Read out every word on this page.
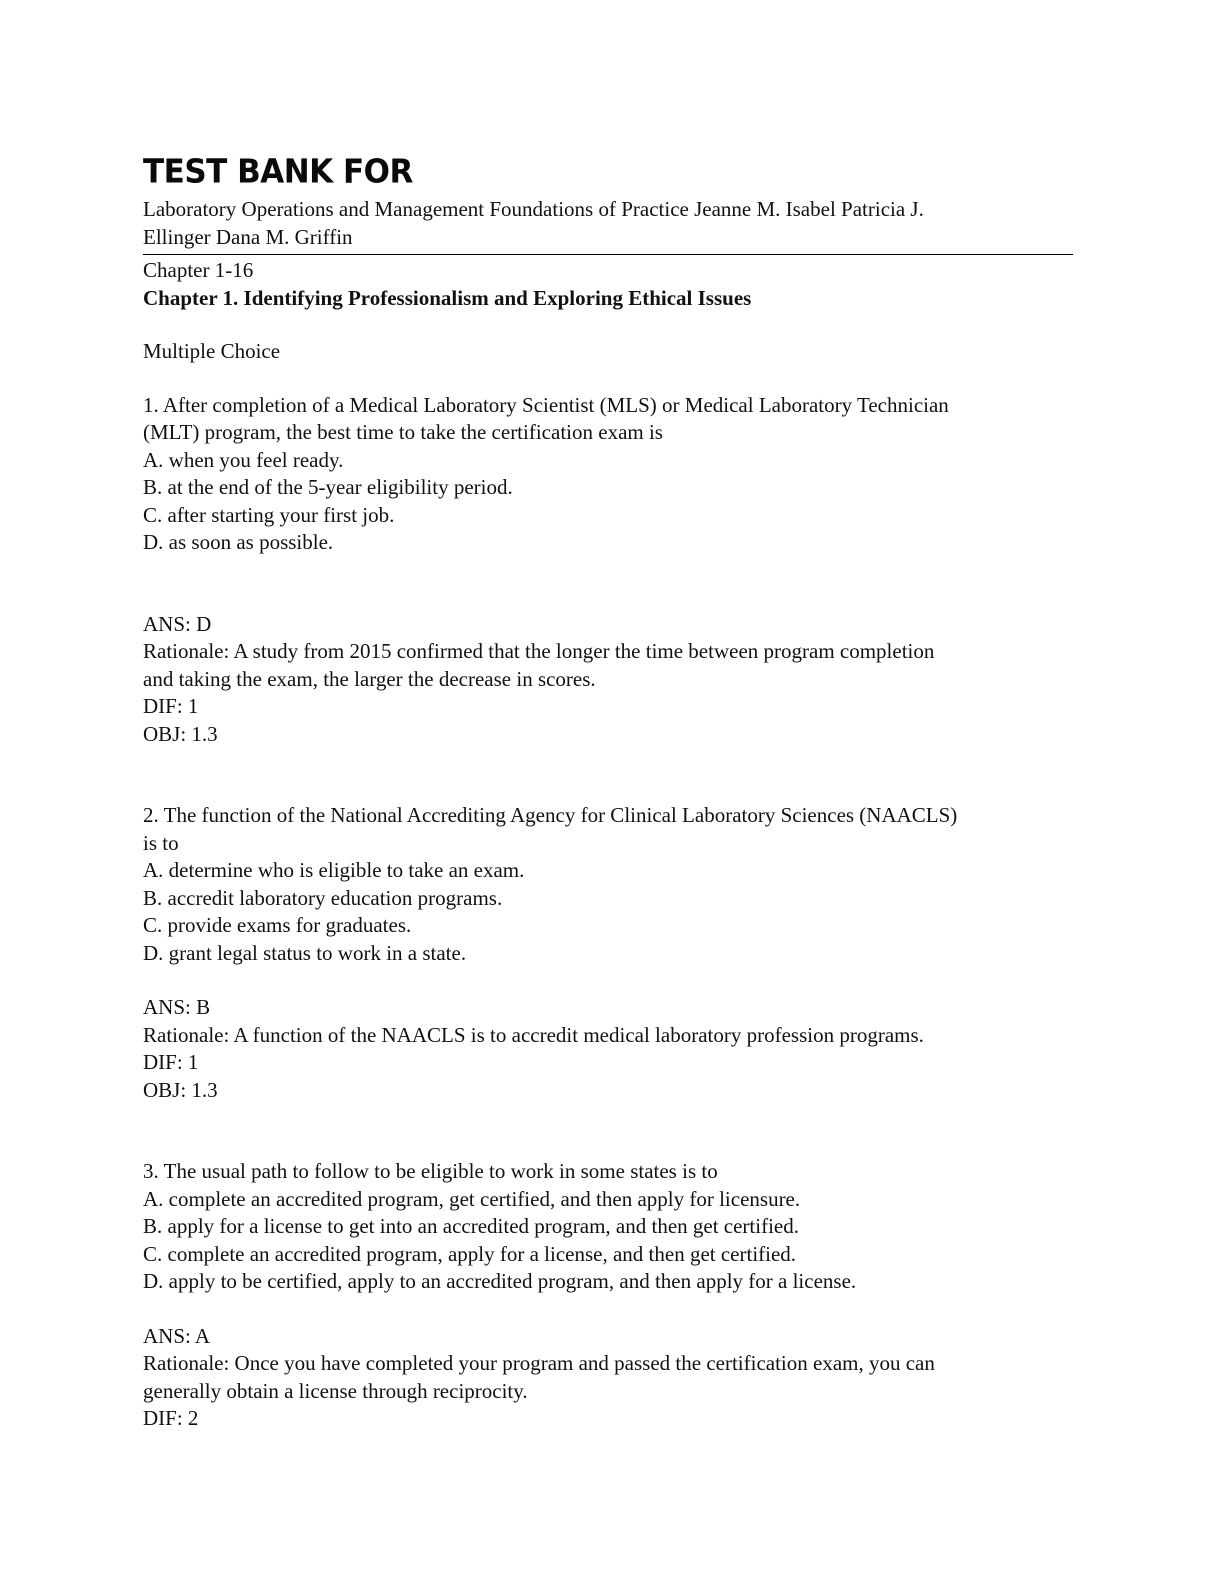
TEST BANK FOR

Laboratory Operations and Management Foundations of Practice Jeanne M. Isabel Patricia J.

Ellinger Dana M. Griffin

Chapter 1-16

Chapter 1. Identifying Professionalism and Exploring Ethical Issues

Multiple Choice

1. After completion of a Medical Laboratory Scientist (MLS) or Medical Laboratory Technician

(MLT) program, the best time to take the certification exam is

A. when you feel ready.

B. at the end of the 5-year eligibility period.

C. after starting your first job.

D. as soon as possible.

ANS: D

Rationale: A study from 2015 confirmed that the longer the time between program completion

and taking the exam, the larger the decrease in scores.

DIF: 1

OBJ: 1.3

2. The function of the National Accrediting Agency for Clinical Laboratory Sciences (NAACLS)

is to

A. determine who is eligible to take an exam.

B. accredit laboratory education programs.

C. provide exams for graduates.

D. grant legal status to work in a state.

ANS: B

Rationale: A function of the NAACLS is to accredit medical laboratory profession programs.

DIF: 1

OBJ: 1.3

3. The usual path to follow to be eligible to work in some states is to

A. complete an accredited program, get certified, and then apply for licensure.

B. apply for a license to get into an accredited program, and then get certified.

C. complete an accredited program, apply for a license, and then get certified.

D. apply to be certified, apply to an accredited program, and then apply for a license.

ANS: A

Rationale: Once you have completed your program and passed the certification exam, you can

generally obtain a license through reciprocity.

DIF: 2
